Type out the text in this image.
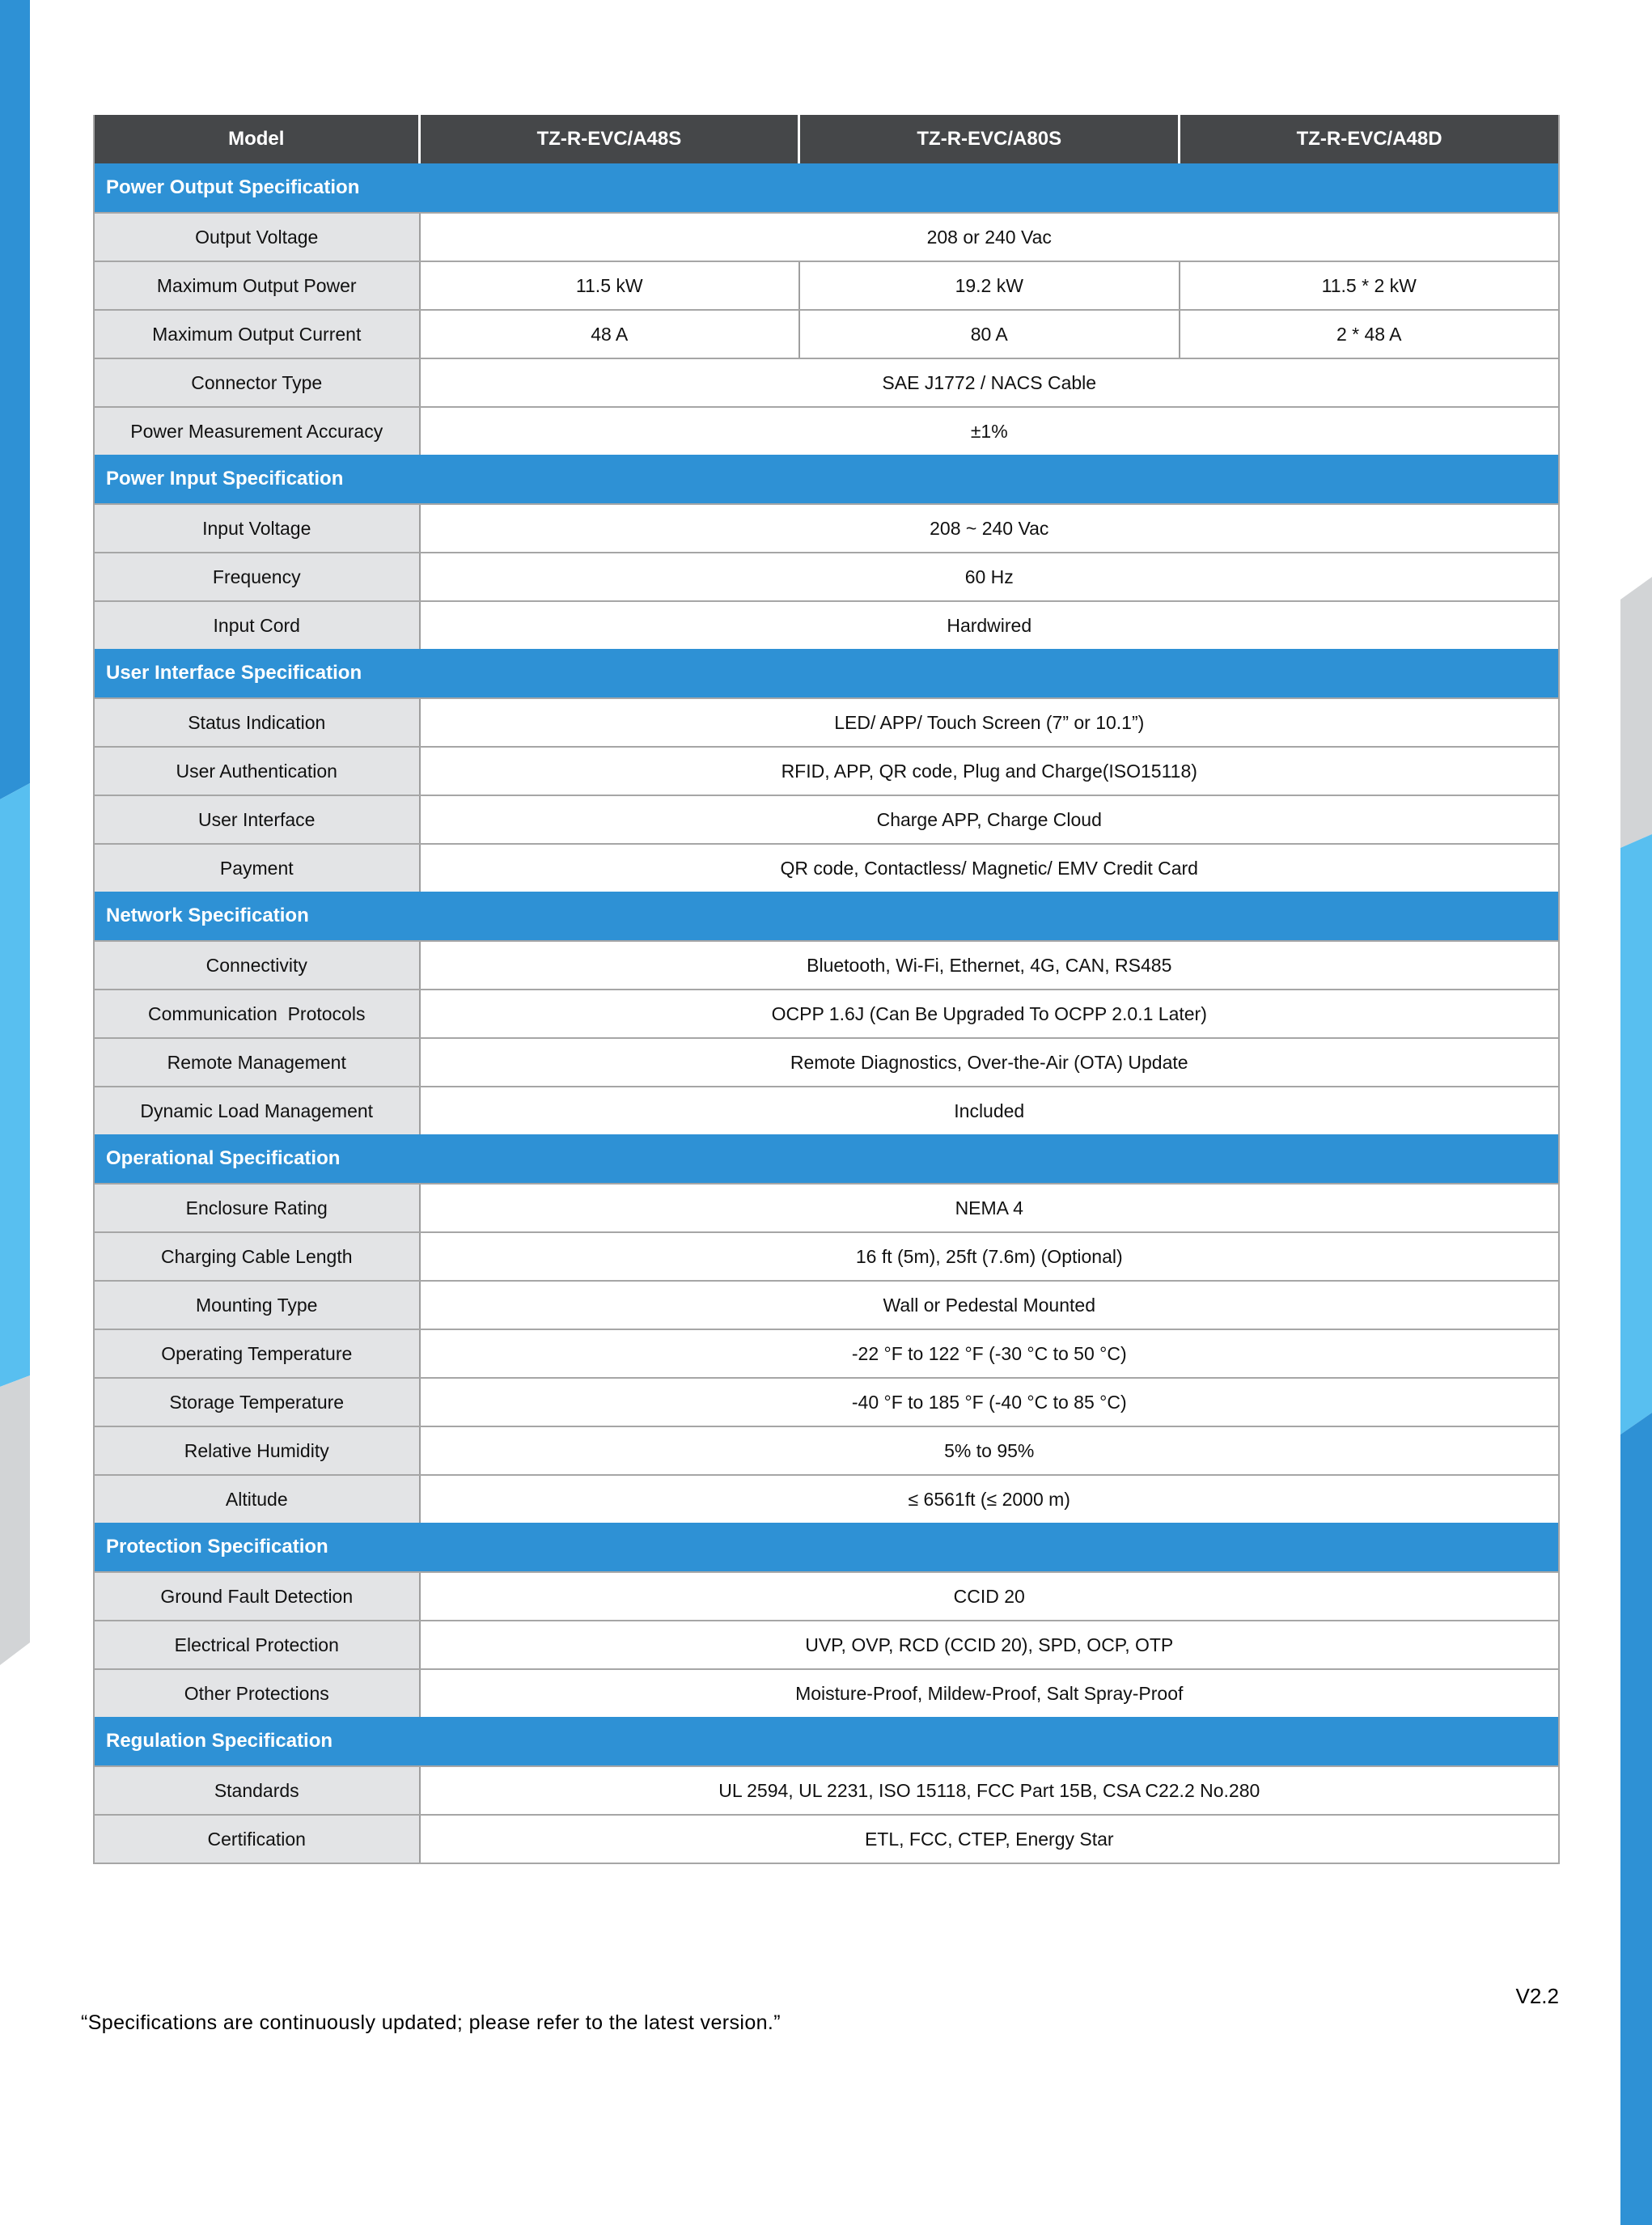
Model	TZ-R-EVC/A48S	TZ-R-EVC/A80S	TZ-R-EVC/A48D
Power Output Specification
Output Voltage	208 or 240 Vac
Maximum Output Power	11.5 kW	19.2 kW	11.5 * 2 kW
Maximum Output Current	48 A	80 A	2 * 48 A
Connector Type	SAE J1772 / NACS Cable
Power Measurement Accuracy	±1%
Power Input Specification
Input Voltage	208 ~ 240 Vac
Frequency	60 Hz
Input Cord	Hardwired
User Interface Specification
Status Indication	LED/ APP/ Touch Screen (7” or 10.1”)
User Authentication	RFID, APP, QR code, Plug and Charge(ISO15118)
User Interface	Charge APP, Charge Cloud
Payment	QR code, Contactless/ Magnetic/ EMV Credit Card
Network Specification
Connectivity	Bluetooth, Wi-Fi, Ethernet, 4G, CAN, RS485
Communication  Protocols	OCPP 1.6J (Can Be Upgraded To OCPP 2.0.1 Later)
Remote Management	Remote Diagnostics, Over-the-Air (OTA) Update
Dynamic Load Management	Included
Operational Specification
Enclosure Rating	NEMA 4
Charging Cable Length	16 ft (5m), 25ft (7.6m) (Optional)
Mounting Type	Wall or Pedestal Mounted
Operating Temperature	-22 °F to 122 °F (-30 °C to 50 °C)
Storage Temperature	-40 °F to 185 °F (-40 °C to 85 °C)
Relative Humidity	5% to 95%
Altitude	≤ 6561ft (≤ 2000 m)
Protection Specification
Ground Fault Detection	CCID 20
Electrical Protection	UVP, OVP, RCD (CCID 20), SPD, OCP, OTP
Other Protections	Moisture-Proof, Mildew-Proof, Salt Spray-Proof
Regulation Specification
Standards	UL 2594, UL 2231, ISO 15118, FCC Part 15B, CSA C22.2 No.280
Certification	ETL, FCC, CTEP, Energy Star
V2.2
“Specifications are continuously updated; please refer to the latest version.”
